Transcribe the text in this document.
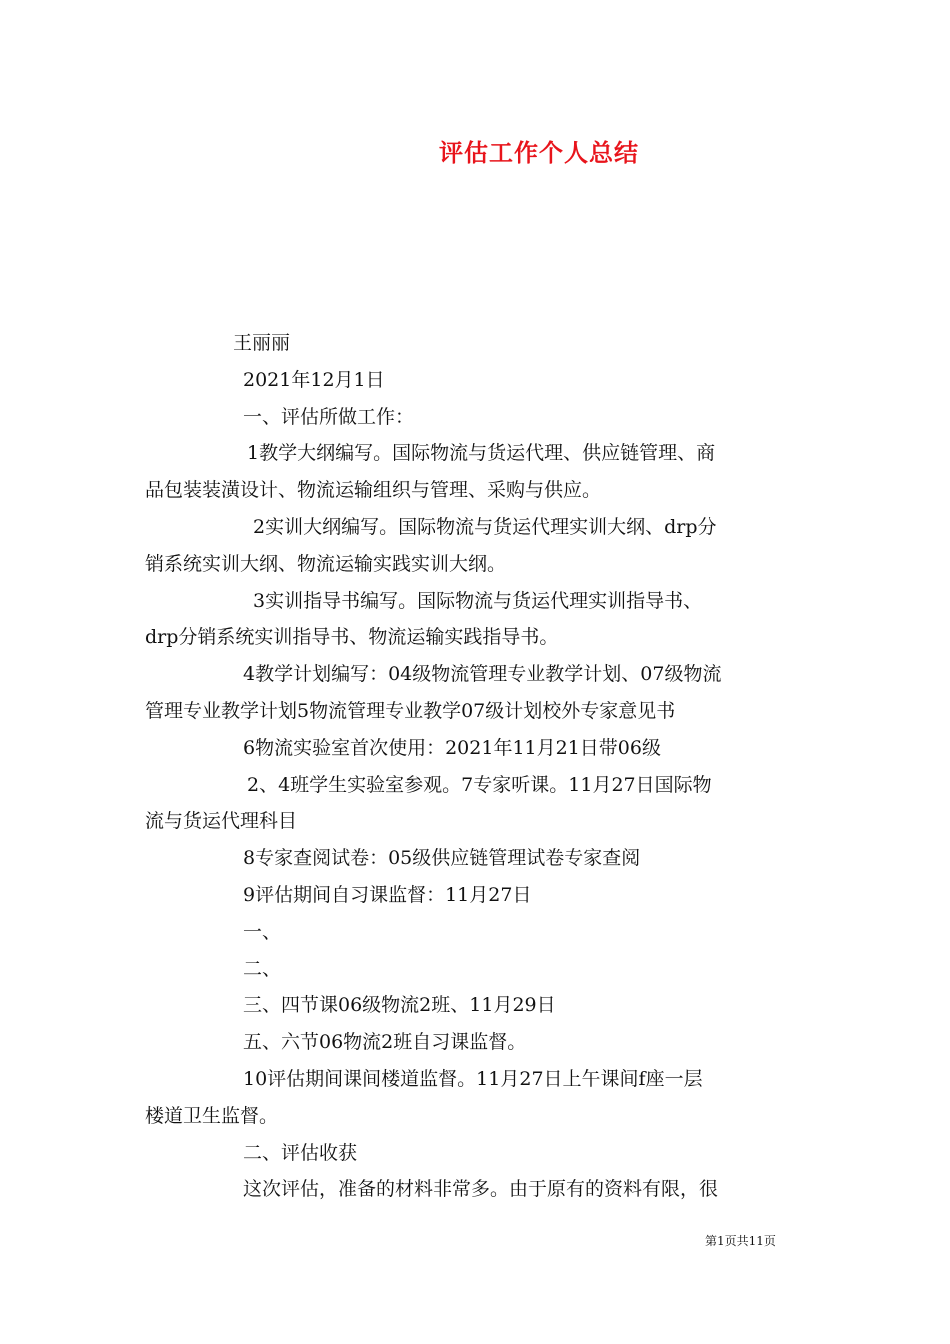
评估工作个人总结
王丽丽
2021年12月1日
一、评估所做工作：
1教学大纲编写。国际物流与货运代理、供应链管理、商
品包装装潢设计、物流运输组织与管理、采购与供应。
2实训大纲编写。国际物流与货运代理实训大纲、drp分
销系统实训大纲、物流运输实践实训大纲。
3实训指导书编写。国际物流与货运代理实训指导书、
drp分销系统实训指导书、物流运输实践指导书。
4教学计划编写：04级物流管理专业教学计划、07级物流
管理专业教学计划5物流管理专业教学07级计划校外专家意见书
6物流实验室首次使用：2021年11月21日带06级
2、4班学生实验室参观。7专家听课。11月27日国际物
流与货运代理科目
8专家查阅试卷：05级供应链管理试卷专家查阅
9评估期间自习课监督：11月27日
一、
二、
三、四节课06级物流2班、11月29日
五、六节06物流2班自习课监督。
10评估期间课间楼道监督。11月27日上午课间f座一层
楼道卫生监督。
二、评估收获
这次评估，准备的材料非常多。由于原有的资料有限，很
第1页共11页
